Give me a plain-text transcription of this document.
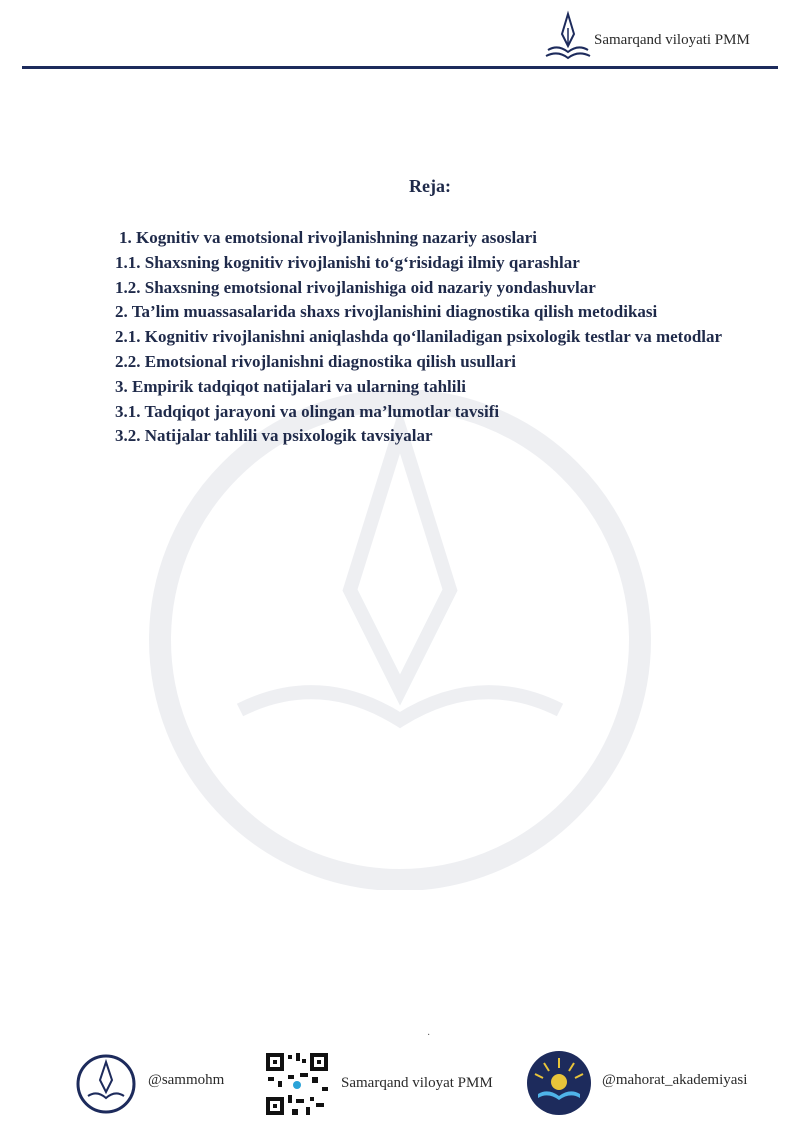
Samarqand viloyati PMM
Reja:

1. Kognitiv va emotsional rivojlanishning nazariy asoslari

1.1. Shaxsning kognitiv rivojlanishi to‘g‘risidagi ilmiy qarashlar

1.2. Shaxsning emotsional rivojlanishiga oid nazariy yondashuvlar

2. Ta’lim muassasalarida shaxs rivojlanishini diagnostika qilish metodikasi

2.1. Kognitiv rivojlanishni aniqlashda qo‘llaniladigan psixologik testlar va metodlar

2.2. Emotsional rivojlanishni diagnostika qilish usullari

3. Empirik tadqiqot natijalari va ularning tahlili

3.1. Tadqiqot jarayoni va olingan ma’lumotlar tavsifi

3.2. Natijalar tahlili va psixologik tavsiyalar

·
@sammohm	Samarqand viloyat PMM	@mahorat_akademiyasi
